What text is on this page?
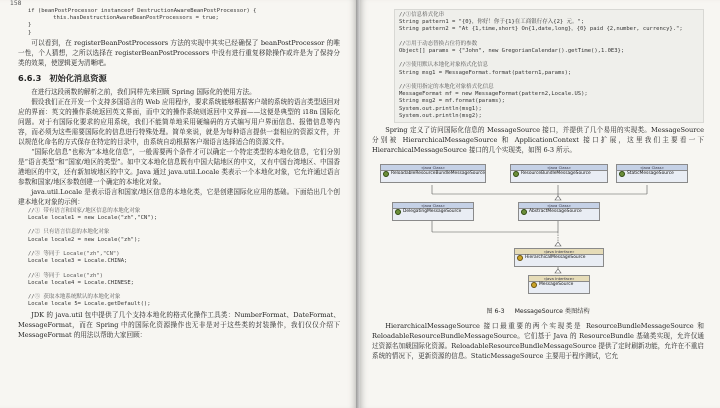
158
if (beanPostProcessor instanceof DestructionAwareBeanPostProcessor) {
this.hasDestructionAwareBeanPostProcessors = true;
}
}

可以看到，在 registerBeanPostProcessors 方法的实现中其实已经确保了 beanPostProcessor 的唯一性，个人猜想，之所以选择在 registerBeanPostProcessors 中没有进行重复移除操作或许是为了保持分类的效果，使逻辑更为清晰吧。

6.6.3 初始化消息资源

在进行这段函数的解析之前，我们同样先来回顾 Spring 国际化的使用方法。

假设我们正在开发一个支持多国语言的 Web 应用程序，要求系统能够根据客户端的系统的语言类型返回对应的界面：英文的操作系统返回英文界面，而中文的操作系统则返回中文界面——这便是典型的 i18n 国际化问题。对于有国际化要求的应用系统，我们不能简单地采用硬编码的方式编写用户界面信息、报错信息等内容，而必须为这些需要国际化的信息进行特殊处理。简单来说，就是为每种语言提供一套相应的资源文件，并以规范化命名的方式保存在特定的目录中，由系统自动根据客户端语言选择适合的资源文件。

“国际化信息”也称为“本地化信息”，一般需要两个条件才可以确定一个特定类型的本地化信息，它们分别是“语言类型”和“国家/地区的类型”。如中文本地化信息既有中国大陆地区的中文，又有中国台湾地区、中国香港地区的中文，还有新加坡地区的中文。Java 通过 java.util.Locale 类表示一个本地化对象，它允许通过语言参数和国家/地区参数创建一个确定的本地化对象。

java.util.Locale 是表示语言和国家/地区信息的本地化类，它是创建国际化应用的基础。下面给出几个创建本地化对象的示例：

//① 带有语言和国家/地区信息的本地化对象
Locale locale1 = new Locale("zh","CN");

//② 只有语言信息的本地化对象
Locale locale2 = new Locale("zh");

//③ 等同于 Locale("zh","CN")
Locale locale3 = Locale.CHINA;

//④ 等同于 Locale("zh")
Locale locale4 = Locale.CHINESE;

//⑤ 获取本地系统默认的本地化对象
Locale locale 5= Locale.getDefault();

JDK 的 java.util 包中提供了几个支持本地化的格式化操作工具类：NumberFormat、DateFormat、MessageFormat，而在 Spring 中的国际化资源操作也无非是对于这些类的封装操作，我们仅仅介绍下 MessageFormat 的用法以帮助大家回顾：

//①信息格式化串
String pattern1 = "{0}，你好！你于{1}在工商银行存入{2} 元。";
String pattern2 = "At {1,time,short} On{1,date,long}，{0} paid {2,number, currency}.";

//②用于动态替换占位符的参数
Object[] params = {"John", new GregorianCalendar().getTime(),1.0E3};

//③使用默认本地化对象格式化信息
String msg1 = MessageFormat.format(pattern1,params);

//④使用指定的本地化对象格式化信息
MessageFormat mf = new MessageFormat(pattern2,Locale.US);
String msg2 = mf.format(params);
System.out.println(msg1);
System.out.println(msg2);

Spring 定义了访问国际化信息的 MessageSource 接口，并提供了几个易用的实现类。MessageSource 分别被 HierarchicalMessageSource 和 ApplicationContext 接口扩展，这里我们主要看一下 HierarchicalMessageSource 接口的几个实现类，如图 6-3 所示。

«Java Class»
ReloadableResourceBundleMessageSource
«Java Class»
ResourceBundleMessageSource
«Java Class»
StaticMessageSource
«Java Class»
DelegatingMessageSource
«Java Class»
AbstractMessageSource
«Java Interface»
HierarchicalMessageSource
«Java Interface»
MessageSource
图 6-3 MessageSource 类图结构

HierarchicalMessageSource 接口最重要的两个实现类是 ResourceBundleMessageSource 和 ReloadableResourceBundleMessageSource。它们基于 Java 的 ResourceBundle 基础类实现，允许仅通过资源名加载国际化资源。ReloadableResourceBundleMessageSource 提供了定时刷新功能，允许在不重启系统的情况下，更新资源的信息。StaticMessageSource 主要用于程序测试，它允
